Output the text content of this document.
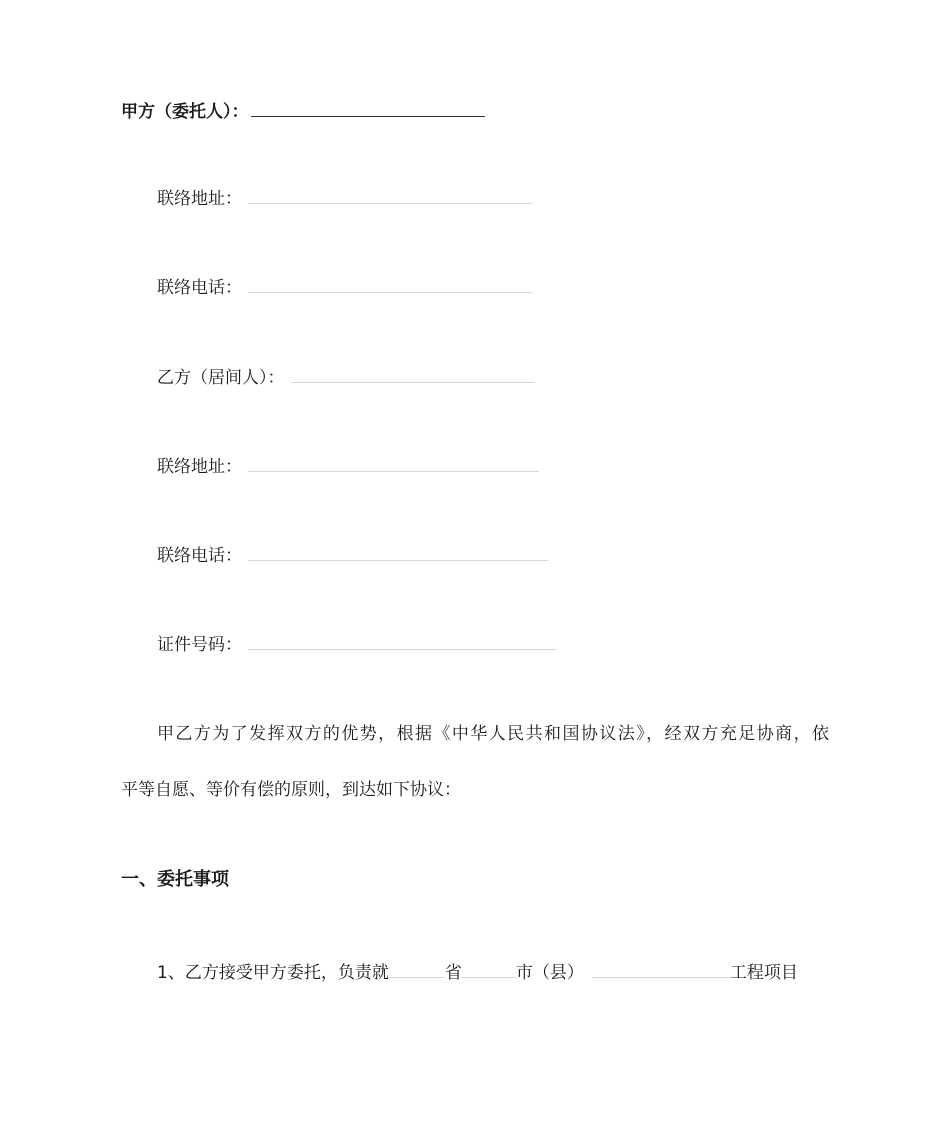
甲方（委托人）：
联络地址：
联络电话：
乙方（居间人）：
联络地址：
联络电话：
证件号码：
甲乙方为了发挥双方的优势，根据《中华人民共和国协议法》，经双方充足协商，依
平等自愿、等价有偿的原则，到达如下协议：
一、委托事项
1、乙方接受甲方委托，负责就	省	市（县）	工程项目
